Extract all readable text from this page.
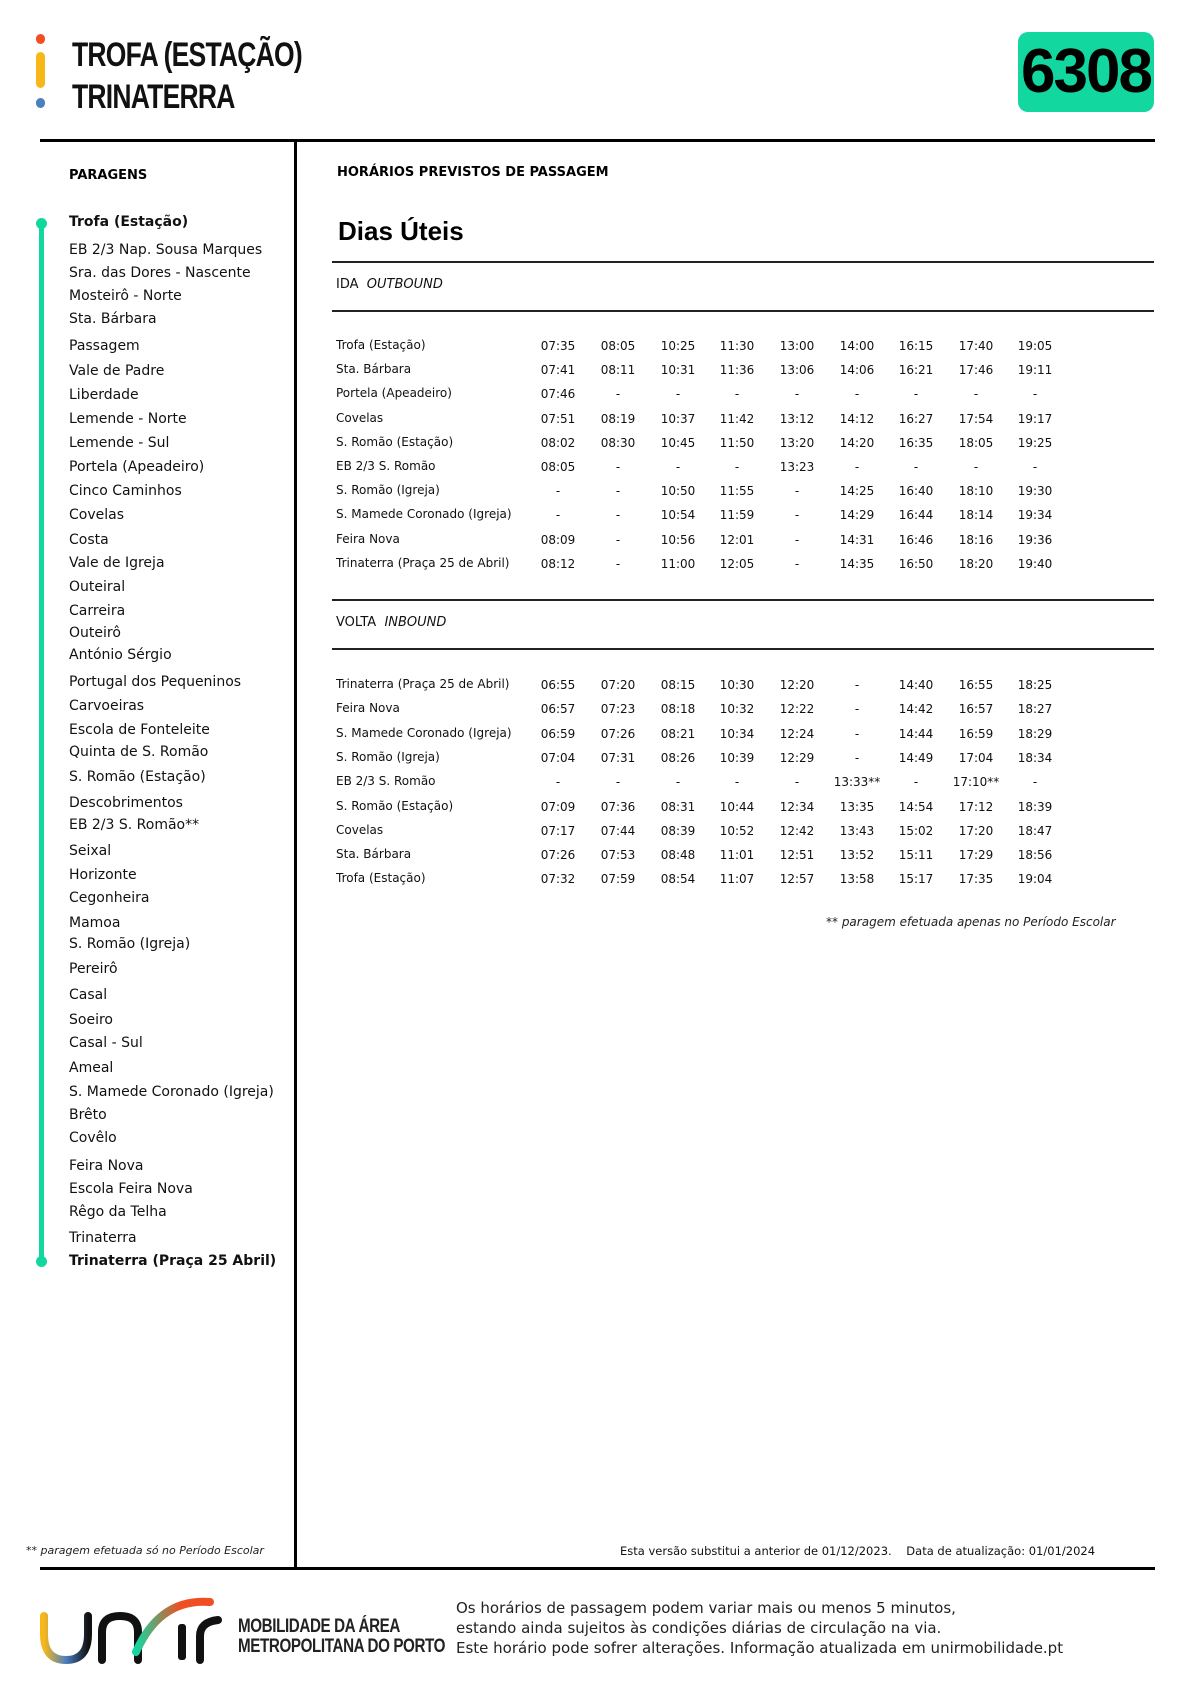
TROFA (ESTAÇÃO)
TRINATERRA	6308
PARAGENS
Trofa (Estação)
EB 2/3 Nap. Sousa Marques
Sra. das Dores - Nascente
Mosteirô - Norte
Sta. Bárbara
Passagem
Vale de Padre
Liberdade
Lemende - Norte
Lemende - Sul
Portela (Apeadeiro)
Cinco Caminhos
Covelas
Costa
Vale de Igreja
Outeiral
Carreira
Outeirô
António Sérgio
Portugal dos Pequeninos
Carvoeiras
Escola de Fonteleite
Quinta de S. Romão
S. Romão (Estação)
Descobrimentos
EB 2/3 S. Romão**
Seixal
Horizonte
Cegonheira
Mamoa
S. Romão (Igreja)
Pereirô
Casal
Soeiro
Casal - Sul
Ameal
S. Mamede Coronado (Igreja)
Brêto
Covêlo
Feira Nova
Escola Feira Nova
Rêgo da Telha
Trinaterra
Trinaterra (Praça 25 Abril)
** paragem efetuada só no Período Escolar
HORÁRIOS PREVISTOS DE PASSAGEM
Dias Úteis
IDA OUTBOUND
Trofa (Estação)	07:35	08:05	10:25	11:30	13:00	14:00	16:15	17:40	19:05
Sta. Bárbara	07:41	08:11	10:31	11:36	13:06	14:06	16:21	17:46	19:11
Portela (Apeadeiro)	07:46	-	-	-	-	-	-	-	-
Covelas	07:51	08:19	10:37	11:42	13:12	14:12	16:27	17:54	19:17
S. Romão (Estação)	08:02	08:30	10:45	11:50	13:20	14:20	16:35	18:05	19:25
EB 2/3 S. Romão	08:05	-	-	-	13:23	-	-	-	-
S. Romão (Igreja)	-	-	10:50	11:55	-	14:25	16:40	18:10	19:30
S. Mamede Coronado (Igreja)	-	-	10:54	11:59	-	14:29	16:44	18:14	19:34
Feira Nova	08:09	-	10:56	12:01	-	14:31	16:46	18:16	19:36
Trinaterra (Praça 25 de Abril)	08:12	-	11:00	12:05	-	14:35	16:50	18:20	19:40
VOLTA INBOUND
Trinaterra (Praça 25 de Abril)	06:55	07:20	08:15	10:30	12:20	-	14:40	16:55	18:25
Feira Nova	06:57	07:23	08:18	10:32	12:22	-	14:42	16:57	18:27
S. Mamede Coronado (Igreja)	06:59	07:26	08:21	10:34	12:24	-	14:44	16:59	18:29
S. Romão (Igreja)	07:04	07:31	08:26	10:39	12:29	-	14:49	17:04	18:34
EB 2/3 S. Romão	-	-	-	-	-	13:33**	-	17:10**	-
S. Romão (Estação)	07:09	07:36	08:31	10:44	12:34	13:35	14:54	17:12	18:39
Covelas	07:17	07:44	08:39	10:52	12:42	13:43	15:02	17:20	18:47
Sta. Bárbara	07:26	07:53	08:48	11:01	12:51	13:52	15:11	17:29	18:56
Trofa (Estação)	07:32	07:59	08:54	11:07	12:57	13:58	15:17	17:35	19:04
** paragem efetuada apenas no Período Escolar
Esta versão substitui a anterior de 01/12/2023. Data de atualização: 01/01/2024
MOBILIDADE DA ÁREA
METROPOLITANA DO PORTO
Os horários de passagem podem variar mais ou menos 5 minutos,
estando ainda sujeitos às condições diárias de circulação na via.
Este horário pode sofrer alterações. Informação atualizada em unirmobilidade.pt
